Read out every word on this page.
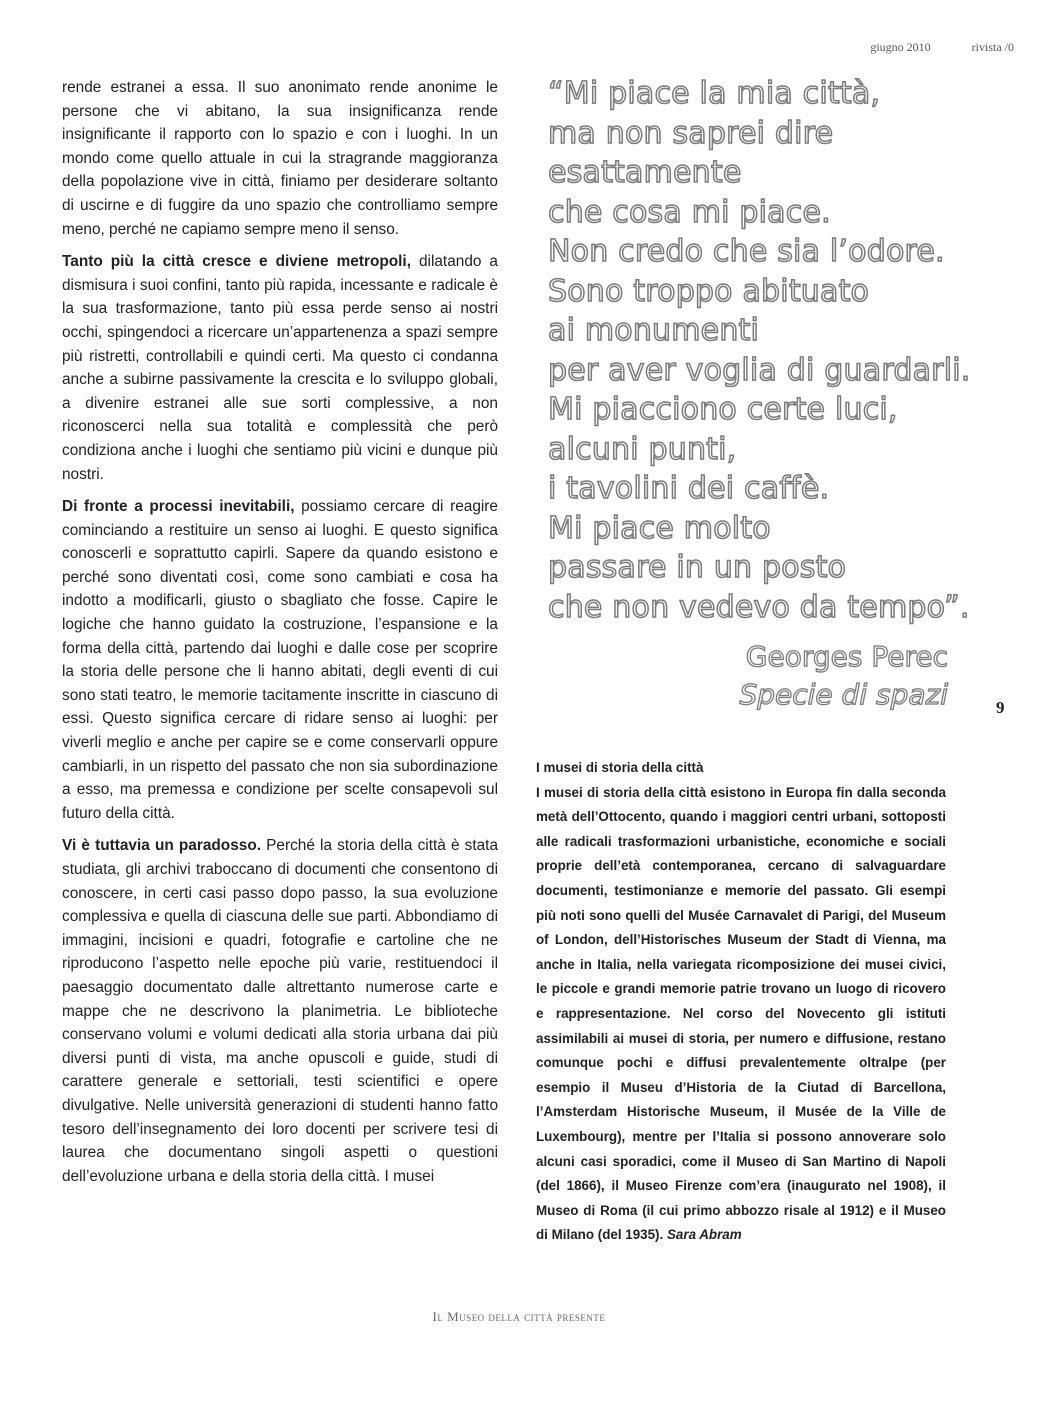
giugno 2010	rivista /0

rende estranei a essa. Il suo anonimato rende anonime le persone che vi abitano, la sua insignificanza rende insignificante il rapporto con lo spazio e con i luoghi. In un mondo come quello attuale in cui la stragrande maggioranza della popolazione vive in città, finiamo per desiderare soltanto di uscirne e di fuggire da uno spazio che controlliamo sempre meno, perché ne capiamo sempre meno il senso.

Tanto più la città cresce e diviene metropoli, dilatando a dismisura i suoi confini, tanto più rapida, incessante e radicale è la sua trasformazione, tanto più essa perde senso ai nostri occhi, spingendoci a ricercare un’appartenenza a spazi sempre più ristretti, controllabili e quindi certi. Ma questo ci condanna anche a subirne passivamente la crescita e lo sviluppo globali, a divenire estranei alle sue sorti complessive, a non riconoscerci nella sua totalità e complessità che però condiziona anche i luoghi che sentiamo più vicini e dunque più nostri.

Di fronte a processi inevitabili, possiamo cercare di reagire cominciando a restituire un senso ai luoghi. E questo significa conoscerli e soprattutto capirli. Sapere da quando esistono e perché sono diventati così, come sono cambiati e cosa ha indotto a modificarli, giusto o sbagliato che fosse. Capire le logiche che hanno guidato la costruzione, l’espansione e la forma della città, partendo dai luoghi e dalle cose per scoprire la storia delle persone che li hanno abitati, degli eventi di cui sono stati teatro, le memorie tacitamente inscritte in ciascuno di essi. Questo significa cercare di ridare senso ai luoghi: per viverli meglio e anche per capire se e come conservarli oppure cambiarli, in un rispetto del passato che non sia subordinazione a esso, ma premessa e condizione per scelte consapevoli sul futuro della città.

Vi è tuttavia un paradosso. Perché la storia della città è stata studiata, gli archivi traboccano di documenti che consentono di conoscere, in certi casi passo dopo passo, la sua evoluzione complessiva e quella di ciascuna delle sue parti. Abbondiamo di immagini, incisioni e quadri, fotografie e cartoline che ne riproducono l’aspetto nelle epoche più varie, restituendoci il paesaggio documentato dalle altrettanto numerose carte e mappe che ne descrivono la planimetria. Le biblioteche conservano volumi e volumi dedicati alla storia urbana dai più diversi punti di vista, ma anche opuscoli e guide, studi di carattere generale e settoriali, testi scientifici e opere divulgative. Nelle università generazioni di studenti hanno fatto tesoro dell’insegnamento dei loro docenti per scrivere tesi di laurea che documentano singoli aspetti o questioni dell’evoluzione urbana e della storia della città. I musei

“Mi piace la mia città,
ma non saprei dire
esattamente
che cosa mi piace.
Non credo che sia l’odore.
Sono troppo abituato
ai monumenti
per aver voglia di guardarli.
Mi piacciono certe luci,
alcuni punti,
i tavolini dei caffè.
Mi piace molto
passare in un posto
che non vedevo da tempo”.
Georges Perec
Specie di spazi	9
I musei di storia della città
I musei di storia della città esistono in Europa fin dalla seconda metà dell’Ottocento, quando i maggiori centri urbani, sottoposti alle radicali trasformazioni urbanistiche, economiche e sociali proprie dell’età contemporanea, cercano di salvaguardare documenti, testimonianze e memorie del passato. Gli esempi più noti sono quelli del Musée Carnavalet di Parigi, del Museum of London, dell’Historisches Museum der Stadt di Vienna, ma anche in Italia, nella variegata ricomposizione dei musei civici, le piccole e grandi memorie patrie trovano un luogo di ricovero e rappresentazione. Nel corso del Novecento gli istituti assimilabili ai musei di storia, per numero e diffusione, restano comunque pochi e diffusi prevalentemente oltralpe (per esempio il Museu d’Historia de la Ciutad di Barcellona, l’Amsterdam Historische Museum, il Musée de la Ville de Luxembourg), mentre per l’Italia si possono annoverare solo alcuni casi sporadici, come il Museo di San Martino di Napoli (del 1866), il Museo Firenze com’era (inaugurato nel 1908), il Museo di Roma (il cui primo abbozzo risale al 1912) e il Museo di Milano (del 1935). Sara Abram
Il Museo della città presente
